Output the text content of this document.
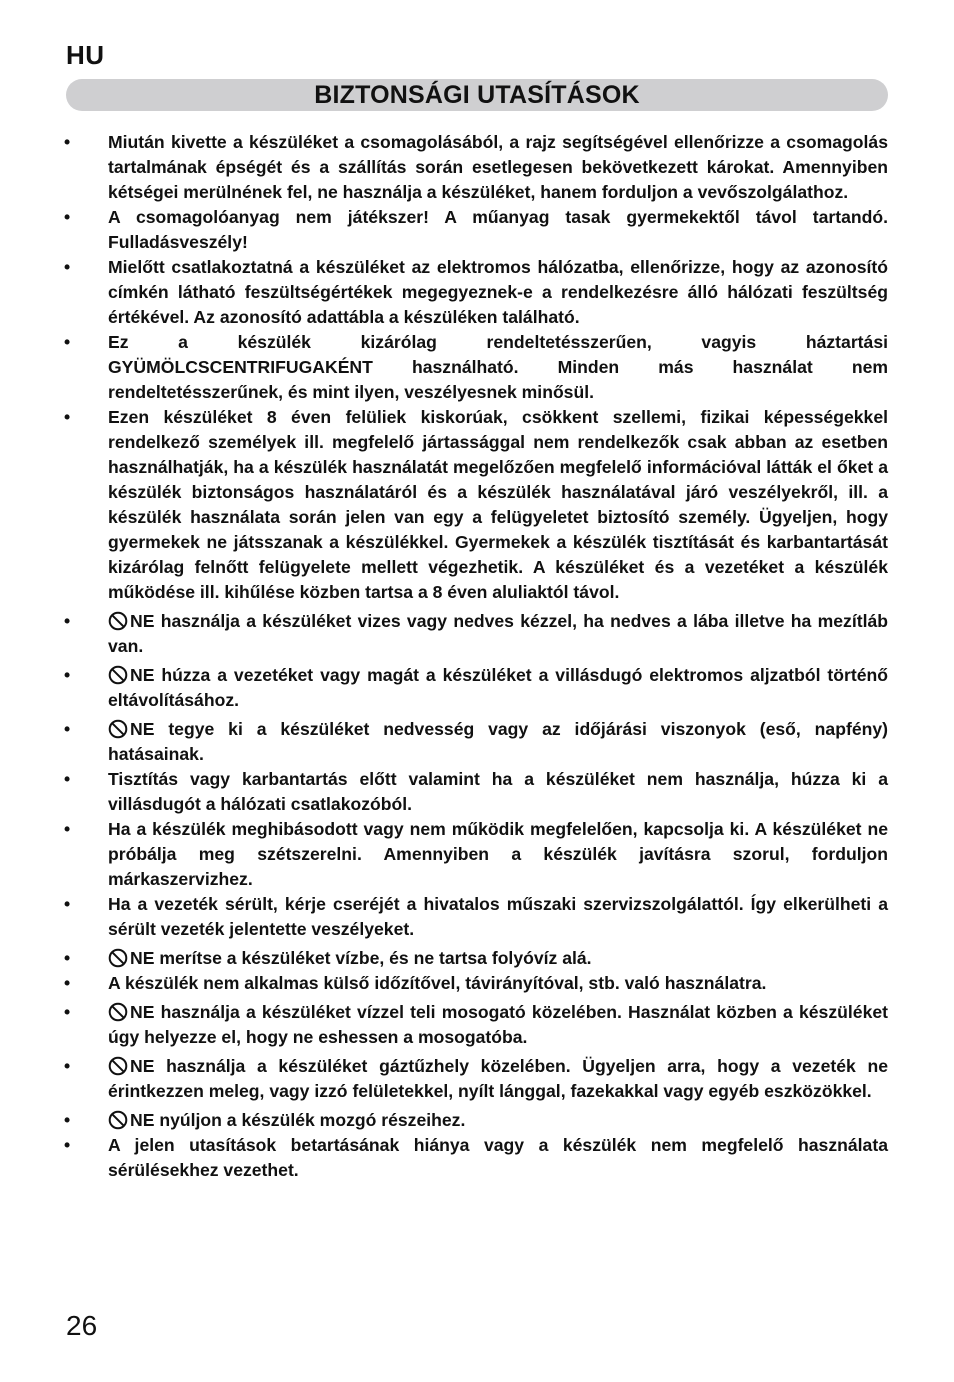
HU
BIZTONSÁGI UTASÍTÁSOK
• Miután kivette a készüléket a csomagolásából, a rajz segítségével ellenőrizze a csomagolás tartalmának épségét és a szállítás során esetlegesen bekövetkezett károkat. Amennyiben kétségei merülnének fel, ne használja a készüléket, hanem forduljon a vevőszolgálathoz.
• A csomagolóanyag nem játékszer! A műanyag tasak gyermekektől távol tartandó. Fulladásveszély!
• Mielőtt csatlakoztatná a készüléket az elektromos hálózatba, ellenőrizze, hogy az azonosító címkén látható feszültségértékek megegyeznek-e a rendelkezésre álló hálózati feszültség értékével. Az azonosító adattábla a készüléken található.
• Ez a készülék kizárólag rendeltetésszerűen, vagyis háztartási GYÜMÖLCSCENTRIFUGAKÉNT használható. Minden más használat nem rendeltetésszerűnek, és mint ilyen, veszélyesnek minősül.
• Ezen készüléket 8 éven felüliek kiskorúak, csökkent szellemi, fizikai képességekkel rendelkező személyek ill. megfelelő jártassággal nem rendelkezők csak abban az esetben használhatják, ha a készülék használatát megelőzően megfelelő információval látták el őket a készülék biztonságos használatáról és a készülék használatával járó veszélyekről, ill. a készülék használata során jelen van egy a felügyeletet biztosító személy. Ügyeljen, hogy gyermekek ne játsszanak a készülékkel. Gyermekek a készülék tisztítását és karbantartását kizárólag felnőtt felügyelete mellett végezhetik. A készüléket és a vezetéket a készülék működése ill. kihűlése közben tartsa a 8 éven aluliaktól távol.
•	NE használja a készüléket vizes vagy nedves kézzel, ha nedves a lába illetve ha mezítláb van.
•	NE húzza a vezetéket vagy magát a készüléket a villásdugó elektromos aljzatból történő eltávolításához.
•	NE tegye ki a készüléket nedvesség vagy az időjárási viszonyok (eső, napfény) hatásainak.
• Tisztítás vagy karbantartás előtt valamint ha a készüléket nem használja, húzza ki a villásdugót a hálózati csatlakozóból.
• Ha a készülék meghibásodott vagy nem működik megfelelően, kapcsolja ki. A készüléket ne próbálja meg szétszerelni. Amennyiben a készülék javításra szorul, forduljon márkaszervizhez.
• Ha a vezeték sérült, kérje cseréjét a hivatalos műszaki szervizszolgálattól. Így elkerülheti a sérült vezeték jelentette veszélyeket.
•	NE merítse a készüléket vízbe, és ne tartsa folyóvíz alá.
• A készülék nem alkalmas külső időzítővel, távirányítóval, stb. való használatra.
•	NE használja a készüléket vízzel teli mosogató közelében. Használat közben a készüléket úgy helyezze el, hogy ne eshessen a mosogatóba.
•	NE használja a készüléket gáztűzhely közelében. Ügyeljen arra, hogy a vezeték ne érintkezzen meleg, vagy izzó felületekkel, nyílt lánggal, fazekakkal vagy egyéb eszközökkel.
•	NE nyúljon a készülék mozgó részeihez.
• A jelen utasítások betartásának hiánya vagy a készülék nem megfelelő használata sérülésekhez vezethet.
26
